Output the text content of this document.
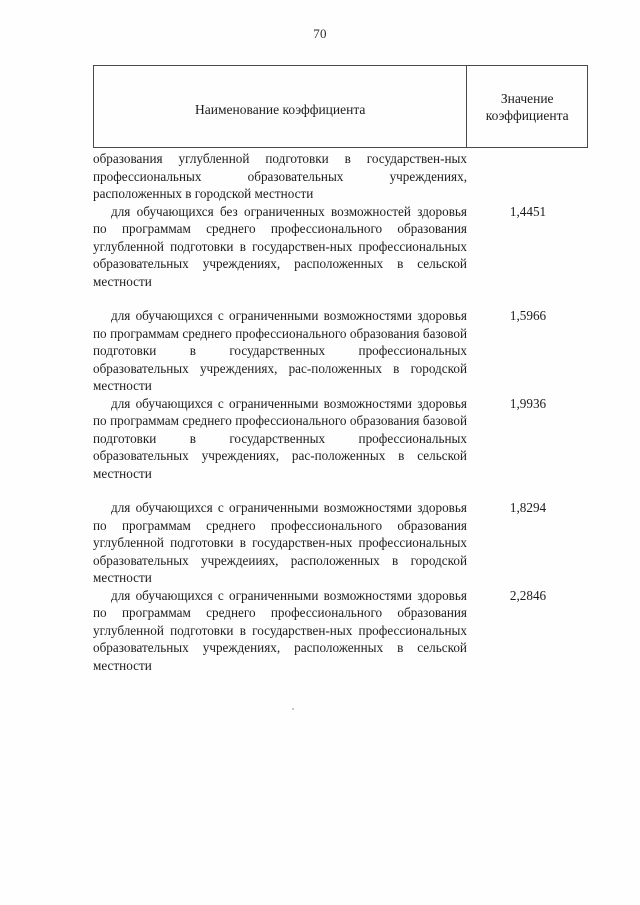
70
Наименование коэффициента
Значение коэффициента
образования углубленной подготовки в государствен-ных профессиональных образовательных учреждениях, расположенных в городской местности
для обучающихся без ограниченных возможностей здоровья по программам среднего профессионального образования углубленной подготовки в государствен-ных профессиональных образовательных учреждениях, расположенных в сельской местности
1,4451
для обучающихся с ограниченными возможностями здоровья по программам среднего профессионального образования базовой подготовки в государственных профессиональных образовательных учреждениях, рас-положенных в городской местности
1,5966
для обучающихся с ограниченными возможностями здоровья по программам среднего профессионального образования базовой подготовки в государственных профессиональных образовательных учреждениях, рас-положенных в сельской местности
1,9936
для обучающихся с ограниченными возможностями здоровья по программам среднего профессионального образования углубленной подготовки в государствен-ных профессиональных образовательных учреждеииях, расположенных в городской местности
1,8294
для обучающихся с ограниченными возможностями здоровья по программам среднего профессионального образования углубленной подготовки в государствен-ных профессиональных образовательных учреждениях, расположенных в сельской местности
2,2846
